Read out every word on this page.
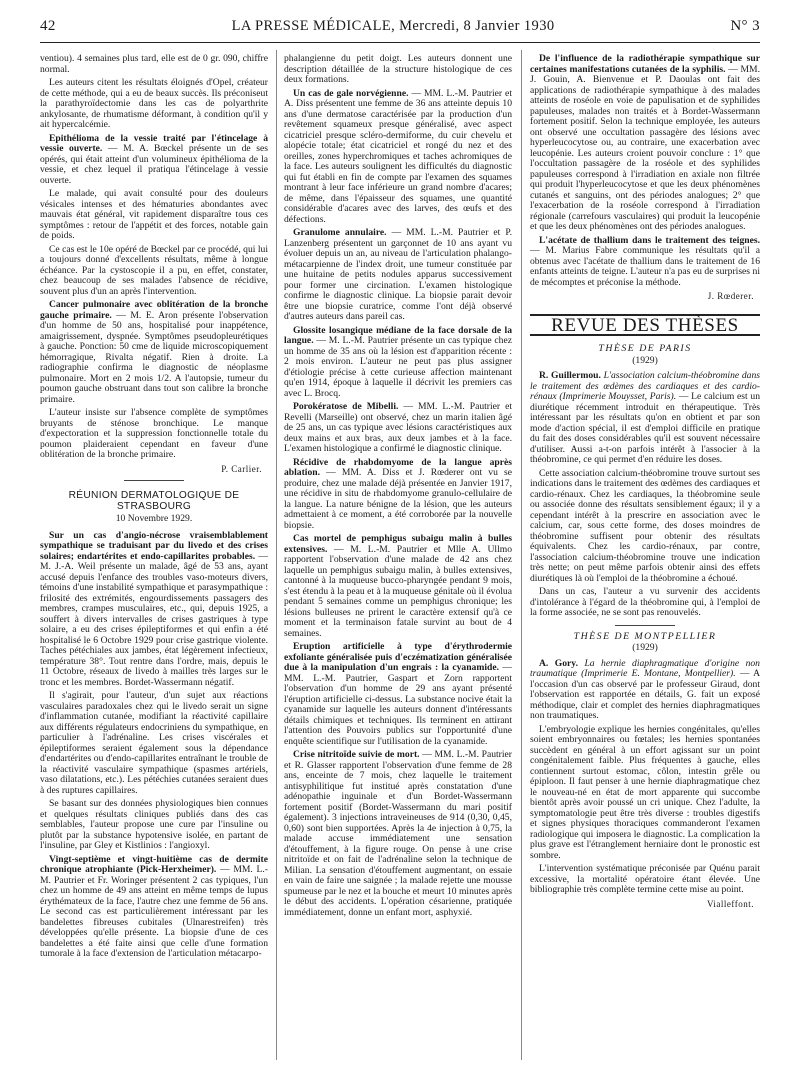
42	LA PRESSE MÉDICALE, Mercredi, 8 Janvier 1930	N° 3

ventiou). 4 semaines plus tard, elle est de 0 gr. 090, chiffre normal.

Les auteurs citent les résultats éloignés d'Opel, créateur de cette méthode, qui a eu de beaux succès. Ils préconiseut la parathyroïdectomie dans les cas de polyarthrite ankylosante, de rhumatisme déformant, à condition qu'il y ait hypercalcémie.

Epithélioma de la vessie traité par l'étincelage à vessie ouverte. — M. A. Bœckel présente un de ses opérés, qui était atteint d'un volumineux épithélioma de la vessie, et chez lequel il pratiqua l'étincelage à vessie ouverte.

Le malade, qui avait consulté pour des douleurs vésicales intenses et des hématuries abondantes avec mauvais état général, vit rapidement disparaître tous ces symptômes : retour de l'appétit et des forces, notable gain de poids.

Ce cas est le 10e opéré de Bœckel par ce procédé, qui lui a toujours donné d'excellents résultats, même à longue échéance. Par la cystoscopie il a pu, en effet, constater, chez beaucoup de ses malades l'absence de récidive, souvent plus d'un an après l'intervention.

Cancer pulmonaire avec oblitération de la bronche gauche primaire. — M. E. Aron présente l'observation d'un homme de 50 ans, hospitalisé pour inappétence, amaigrissement, dyspnée. Symptômes pseudopleurétiques à gauche. Ponction: 50 cme de liquide microscopiquement hémorragique, Rivalta négatif. Rien à droite. La radiographie confirma le diagnostic de néoplasme pulmonaire. Mort en 2 mois 1/2. A l'autopsie, tumeur du poumon gauche obstruant dans tout son calibre la bronche primaire.

L'auteur insiste sur l'absence complète de symptômes bruyants de sténose bronchique. Le manque d'expectoration et la suppression fonctionnelle totale du poumon plaideraient cependant en faveur d'une oblitération de la bronche primaire.

P. Carlier.
RÉUNION DERMATOLOGIQUE DE STRASBOURG
10 Novembre 1929.

Sur un cas d'angio-nécrose vraisemblablement sympathique se traduisant par du livedo et des crises solaires; endartérites et endo-capillarites probables. — M. J.-A. Weil présente un malade, âgé de 53 ans, ayant accusé depuis l'enfance des troubles vaso-moteurs divers, témoins d'une instabilité sympathique et parasympathique : frilosité des extrémités, engourdissements passagers des membres, crampes musculaires, etc., qui, depuis 1925, a souffert à divers intervalles de crises gastriques à type solaire, a eu des crises épileptiformes et qui enfin a été hospitalisé le 6 Octobre 1929 pour crise gastrique violente. Taches pétéchiales aux jambes, état légèrement infectieux, température 38°. Tout rentre dans l'ordre, mais, depuis le 11 Octobre, réseaux de livedo à mailles très larges sur le tronc et les membres. Bordet-Wassermann négatif.

Il s'agirait, pour l'auteur, d'un sujet aux réactions vasculaires paradoxales chez qui le livedo serait un signe d'inflammation cutanée, modifiant la réactivité capillaire aux différents régulateurs endocriniens du sympathique, en particulier à l'adrénaline. Les crises viscérales et épileptiformes seraient également sous la dépendance d'endartérites ou d'endo-capillarites entraînant le trouble de la réactivité vasculaire sympathique (spasmes artériels, vaso dilatations, etc.). Les pétéchies cutanées seraient dues à des ruptures capillaires.

Se basant sur des données physiologiques bien connues et quelques résultats cliniques publiés dans des cas semblables, l'auteur propose une cure par l'insuline ou plutôt par la substance hypotensive isolée, en partant de l'insuline, par Gley et Kistlinios : l'angioxyl.

Vingt-septième et vingt-huitième cas de dermite chronique atrophiante (Pick-Herxheimer). — MM. L.-M. Pautrier et Fr. Woringer présentent 2 cas typiques, l'un chez un homme de 49 ans atteint en même temps de lupus érythémateux de la face, l'autre chez une femme de 56 ans. Le second cas est particulièrement intéressant par les bandelettes fibreuses cubitales (Ulnarestreifen) très développées qu'elle présente. La biopsie d'une de ces bandelettes a été faite ainsi que celle d'une formation tumorale à la face d'extension de l'articulation métacarpo-

phalangienne du petit doigt. Les auteurs donnent une description détaillée de la structure histologique de ces deux formations.

Un cas de gale norvégienne. — MM. L.-M. Pautrier et A. Diss présentent une femme de 36 ans atteinte depuis 10 ans d'une dermatose caractérisée par la production d'un revêtement squameux presque généralisé, avec aspect cicatriciel presque scléro-dermiforme, du cuir chevelu et alopécie totale; état cicatriciel et rongé du nez et des oreilles, zones hyperchromiques et taches achromiques de la face. Les auteurs soulignent les difficultés du diagnostic qui fut établi en fin de compte par l'examen des squames montrant à leur face inférieure un grand nombre d'acares; de même, dans l'épaisseur des squames, une quantité considérable d'acares avec des larves, des œufs et des défections.

Granulome annulaire. — MM. L.-M. Pautrier et P. Lanzenberg présentent un garçonnet de 10 ans ayant vu évoluer depuis un an, au niveau de l'articulation phalango-métacarpienne de l'index droit, une tumeur constituée par une huitaine de petits nodules apparus successivement pour former une circination. L'examen histologique confirme le diagnostic clinique. La biopsie parait devoir être une biopsie curatrice, comme l'ont déjà observé d'autres auteurs dans pareil cas.

Glossite losangique médiane de la face dorsale de la langue. — M. L.-M. Pautrier présente un cas typique chez un homme de 35 ans où la lésion est d'apparition récente : 2 mois environ. L'auteur ne peut pas plus assigner d'étiologie précise à cette curieuse affection maintenant qu'en 1914, époque à laquelle il décrivit les premiers cas avec L. Brocq.

Porokératose de Mibelli. — MM. L.-M. Pautrier et Revelli (Marseille) ont observé, chez un marin italien âgé de 25 ans, un cas typique avec lésions caractéristiques aux deux mains et aux bras, aux deux jambes et à la face. L'examen histologique a confirmé le diagnostic clinique.

Récidive de rhabdomyome de la langue après ablation. — MM. A. Diss et J. Rœderer ont vu se produire, chez une malade déjà présentée en Janvier 1917, une récidive in situ de rhabdomyome granulo-cellulaire de la langue. La nature bénigne de la lésion, que les auteurs admettaient à ce moment, a été corroborée par la nouvelle biopsie.

Cas mortel de pemphigus subaigu malin à bulles extensives. — M. L.-M. Pautrier et Mlle A. Ullmo rapportent l'observation d'une malade de 42 ans chez laquelle un pemphigus subaigu malin, à bulles extensives, cantonné à la muqueuse bucco-pharyngée pendant 9 mois, s'est étendu à la peau et à la muqueuse génitale où il évolua pendant 5 semaines comme un pemphigus chronique; les lésions bulleuses ne prirent le caractère extensif qu'à ce moment et la terminaison fatale survint au bout de 4 semaines.

Eruption artificielle à type d'érythrodermie exfoliante généralisée puis d'eczématization généralisée due à la manipulation d'un engrais : la cyanamide. — MM. L.-M. Pautrier, Gaspart et Zorn rapportent l'observation d'un homme de 29 ans ayant présenté l'éruption artificielle ci-dessus. La substance nocive était la cyanamide sur laquelle les auteurs donnent d'intéressants détails chimiques et techniques. Ils terminent en attirant l'attention des Pouvoirs publics sur l'opportunité d'une enquête scientifique sur l'utilisation de la cyanamide.

Crise nitritoïde suivie de mort. — MM. L.-M. Pautrier et R. Glasser rapportent l'observation d'une femme de 28 ans, enceinte de 7 mois, chez laquelle le traitement antisyphilitique fut institué après constatation d'une adénopathie inguinale et d'un Bordet-Wassermann fortement positif (Bordet-Wassermann du mari positif également). 3 injections intraveineuses de 914 (0,30, 0,45, 0,60) sont bien supportées. Après la 4e injection à 0,75, la malade accuse immédiatement une sensation d'étouffement, à la figure rouge. On pense à une crise nitritoïde et on fait de l'adrénaline selon la technique de Milian. La sensation d'étouffement augmentant, on essaie en vain de faire une saignée ; la malade rejette une mousse spumeuse par le nez et la bouche et meurt 10 minutes après le début des accidents. L'opération césarienne, pratiquée immédiatement, donne un enfant mort, asphyxié.

De l'influence de la radiothérapie sympathique sur certaines manifestations cutanées de la syphilis. — MM. J. Gouin, A. Bienvenue et P. Daoulas ont fait des applications de radiothérapie sympathique à des malades atteints de roséole en voie de papulisation et de syphilides papuleuses, malades non traités et à Bordet-Wassermann fortement positif. Selon la technique employée, les auteurs ont observé une occultation passagère des lésions avec hyperleucocytose ou, au contraire, une exacerbation avec leucopénie. Les auteurs croient pouvoir conclure : 1° que l'occultation passagère de la roséole et des syphilides papuleuses correspond à l'irradiation en axiale non filtrée qui produit l'hyperleucocytose et que les deux phénomènes cutanés et sanguins, ont des périodes analogues; 2° que l'exacerbation de la roséole correspond à l'irradiation régionale (carrefours vasculaires) qui produit la leucopénie et que les deux phénomènes ont des périodes analogues.

L'acétate de thallium dans le traitement des teignes. — M. Marius Fabre communique les résultats qu'il a obtenus avec l'acétate de thallium dans le traitement de 16 enfants atteints de teigne. L'auteur n'a pas eu de surprises ni de mécomptes et préconise la méthode.

J. Rœderer.
REVUE DES THÈSES
THÈSE DE PARIS
(1929)

R. Guillermou. L'association calcium-théobromine dans le traitement des œdèmes des cardiaques et des cardio-rénaux (Imprimerie Mouysset, Paris). — Le calcium est un diurétique récemment introduit en thérapeutique. Très intéressant par les résultats qu'on en obtient et par son mode d'action spécial, il est d'emploi difficile en pratique du fait des doses considérables qu'il est souvent nécessaire d'utiliser. Aussi a-t-on parfois intérêt à l'associer à la théobromine, ce qui permet d'en réduire les doses.

Cette association calcium-théobromine trouve surtout ses indications dans le traitement des œdèmes des cardiaques et cardio-rénaux. Chez les cardiaques, la théobromine seule ou associée donne des résultats sensiblement égaux; il y a cependant intérêt à la prescrire en association avec le calcium, car, sous cette forme, des doses moindres de théobromine suffisent pour obtenir des résultats équivalents. Chez les cardio-rénaux, par contre, l'association calcium-théobromine trouve une indication très nette; on peut même parfois obtenir ainsi des effets diurétiques là où l'emploi de la théobromine a échoué.

Dans un cas, l'auteur a vu survenir des accidents d'intolérance à l'égard de la théobromine qui, à l'emploi de la forme associée, ne se sont pas renouvelés.

THÈSE DE MONTPELLIER
(1929)

A. Gory. La hernie diaphragmatique d'origine non traumatique (Imprimerie E. Montane, Montpellier). — A l'occasion d'un cas observé par le professeur Giraud, dont l'observation est rapportée en détails, G. fait un exposé méthodique, clair et complet des hernies diaphragmatiques non traumatiques.

L'embryologie explique les hernies congénitales, qu'elles soient embryonnaires ou fœtales; les hernies spontanées succèdent en général à un effort agissant sur un point congénitalement faible. Plus fréquentes à gauche, elles contiennent surtout estomac, côlon, intestin grêle ou épiploon. Il faut penser à une hernie diaphragmatique chez le nouveau-né en état de mort apparente qui succombe bientôt après avoir poussé un cri unique. Chez l'adulte, la symptomatologie peut être très diverse : troubles digestifs et signes physiques thoraciques commanderont l'examen radiologique qui imposera le diagnostic. La complication la plus grave est l'étranglement herniaire dont le pronostic est sombre.

L'intervention systématique préconisée par Quénu parait excessive, la mortalité opératoire étant élevée. Une bibliographie très complète termine cette mise au point.

Vialleffont.
